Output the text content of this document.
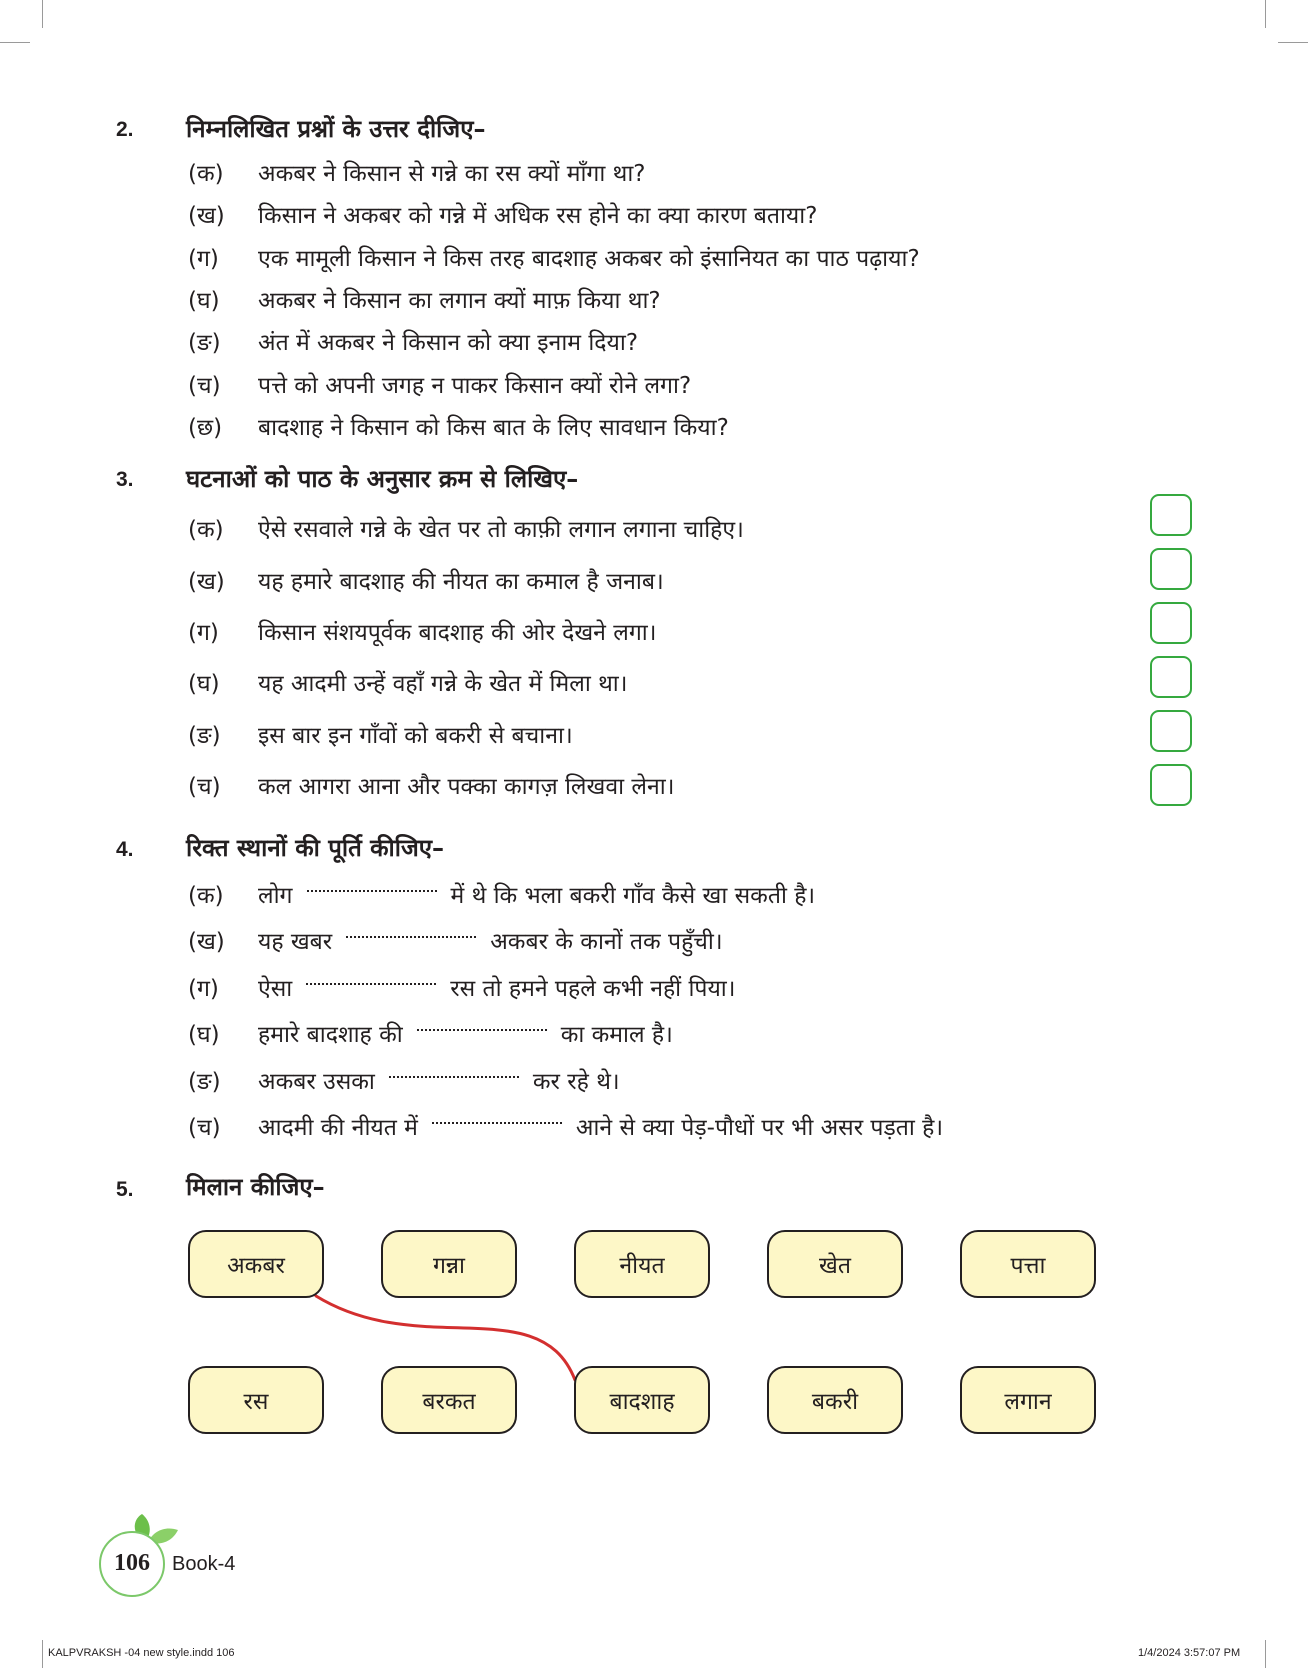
2. निम्नलिखित प्रश्नों के उत्तर दीजिए–
(क) अकबर ने किसान से गन्ने का रस क्यों माँगा था?
(ख) किसान ने अकबर को गन्ने में अधिक रस होने का क्या कारण बताया?
(ग) एक मामूली किसान ने किस तरह बादशाह अकबर को इंसानियत का पाठ पढ़ाया?
(घ) अकबर ने किसान का लगान क्यों माफ़ किया था?
(ङ) अंत में अकबर ने किसान को क्या इनाम दिया?
(च) पत्ते को अपनी जगह न पाकर किसान क्यों रोने लगा?
(छ) बादशाह ने किसान को किस बात के लिए सावधान किया?
3. घटनाओं को पाठ के अनुसार क्रम से लिखिए–
(क) ऐसे रसवाले गन्ने के खेत पर तो काफ़ी लगान लगाना चाहिए।
(ख) यह हमारे बादशाह की नीयत का कमाल है जनाब।
(ग) किसान संशयपूर्वक बादशाह की ओर देखने लगा।
(घ) यह आदमी उन्हें वहाँ गन्ने के खेत में मिला था।
(ङ) इस बार इन गाँवों को बकरी से बचाना।
(च) कल आगरा आना और पक्का कागज़ लिखवा लेना।
4. रिक्त स्थानों की पूर्ति कीजिए–
(क) लोग	में थे कि भला बकरी गाँव कैसे खा सकती है।
(ख) यह खबर	अकबर के कानों तक पहुँची।
(ग) ऐसा	रस तो हमने पहले कभी नहीं पिया।
(घ) हमारे बादशाह की	का कमाल है।
(ङ) अकबर उसका	कर रहे थे।
(च) आदमी की नीयत में	आने से क्या पेड़-पौधों पर भी असर पड़ता है।
5. मिलान कीजिए–
अकबर	गन्ना	नीयत	खेत	पत्ता
रस	बरकत	बादशाह	बकरी	लगान
106	Book-4
KALPVRAKSH -04 new style.indd 106	1/4/2024 3:57:07 PM
